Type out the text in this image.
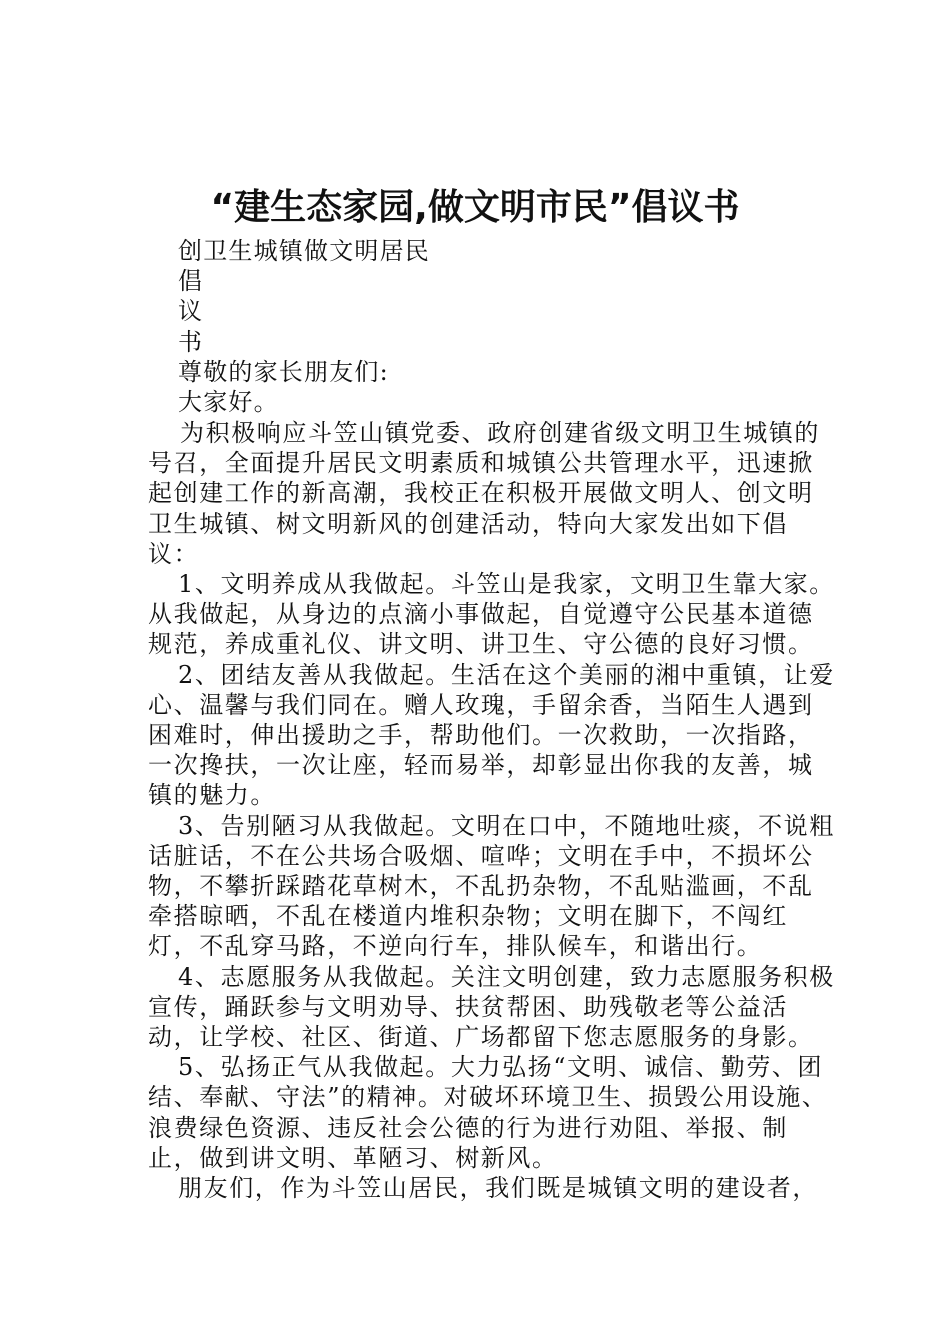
“建生态家园,做文明市民”倡议书
创卫生城镇做文明居民
倡
议
书
尊敬的家长朋友们:
大家好。

为积极响应斗笠山镇党委、政府创建省级文明卫生城镇的号召，全面提升居民文明素质和城镇公共管理水平，迅速掀起创建工作的新高潮，我校正在积极开展做文明人、创文明卫生城镇、树文明新风的创建活动，特向大家发出如下倡议：

1、文明养成从我做起。斗笠山是我家，文明卫生靠大家。从我做起，从身边的点滴小事做起，自觉遵守公民基本道德规范，养成重礼仪、讲文明、讲卫生、守公德的良好习惯。

2、团结友善从我做起。生活在这个美丽的湘中重镇，让爱心、温馨与我们同在。赠人玫瑰，手留余香，当陌生人遇到困难时，伸出援助之手，帮助他们。一次救助，一次指路，一次搀扶，一次让座，轻而易举，却彰显出你我的友善，城镇的魅力。

3、告别陋习从我做起。文明在口中，不随地吐痰，不说粗话脏话，不在公共场合吸烟、喧哗；文明在手中，不损坏公物，不攀折踩踏花草树木，不乱扔杂物，不乱贴滥画，不乱牵搭晾晒，不乱在楼道内堆积杂物；文明在脚下，不闯红灯，不乱穿马路，不逆向行车，排队候车，和谐出行。

4、志愿服务从我做起。关注文明创建，致力志愿服务积极宣传，踊跃参与文明劝导、扶贫帮困、助残敬老等公益活动，让学校、社区、街道、广场都留下您志愿服务的身影。

5、弘扬正气从我做起。大力弘扬“文明、诚信、勤劳、团结、奉献、守法”的精神。对破坏环境卫生、损毁公用设施、浪费绿色资源、违反社会公德的行为进行劝阻、举报、制止，做到讲文明、革陋习、树新风。

朋友们，作为斗笠山居民，我们既是城镇文明的建设者，
